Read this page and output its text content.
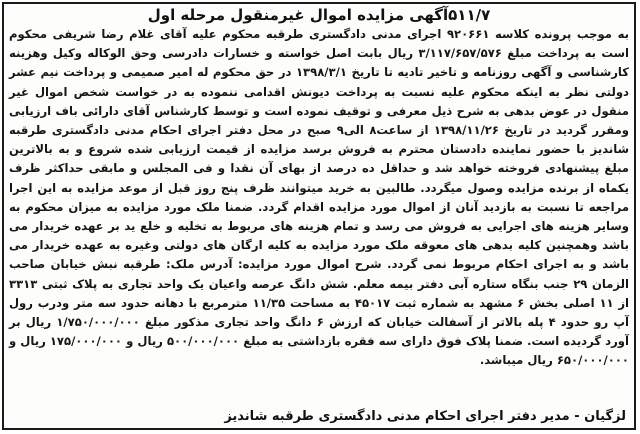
۵۱۱/۷آگهی مزایده اموال غیرمنقول مرحله اول

به موجب پرونده کلاسه ۹۲۰۶۶۱ اجرای مدنی دادگستری طرقبه محکوم علیه آقای غلام رضا شریفی محکوم است به پرداخت مبلغ ۳/۱۱۷/۶۵۷/۵۷۶ ریال بابت اصل خواسته و خسارات دادرسی وحق الوکاله وکیل وهزینه کارشناسی و آگهی روزنامه و تاخیر تادیه تا تاریخ ۱۳۹۸/۳/۱ در حق محکوم له امیر صمیمی و پرداخت نیم عشر دولتی نظر به اینکه محکوم علیه نسبت به پرداخت دیونش اقدامی ننموده به در خواست شخص اموال غیر منقول در عوض بدهی به شرح ذیل معرفی و توقیف نموده است و توسط کارشناس آقای دارائی باف ارزیابی ومقرر گردید در تاریخ ۱۳۹۸/۱۱/۲۶ از ساعت۸ الی۹ صبح در محل دفتر اجرای احکام مدنی دادگستری طرقبه شاندیز با حضور نماینده دادستان محترم به فروش برسد مزایده از قیمت ارزیابی شده شروع و به بالاترین مبلغ پیشنهادی فروخته خواهد شد و حداقل ده درصد از بهای آن نقدا و فی المجلس و مابقی حداکثر ظرف یکماه از برنده مزایده وصول میگردد. طالبین به خرید میتوانند ظرف پنج روز قبل از موعد مزایده به این اجرا مراجعه تا نسبت به بازدید آنان از اموال مورد مزایده اقدام گردد. ضمنا ملک مورد مزایده به میزان محکوم به وسایر هزینه های اجرایی به فروش می رسد و تمام هزینه های مربوط به تخلیه و خلع ید بر عهده خریدار می باشد وهمچنین کلیه بدهی های معوقه ملک مورد مزایده به کلیه ارگان های دولتی وغیره به عهده خریدار می باشد و به اجرای احکام مربوط نمی گردد. شرح اموال مورد مزایده: آدرس ملک: طرقبه نبش خیابان صاحب الزمان ۲۹ جنب بنگاه ستاره آبی دفتر بیمه معلم. شش دانگ عرصه واعیان یک واحد تجاری به پلاک ثبتی ۳۳۱۳ از ۱۱ اصلی بخش ۶ مشهد به شماره ثبت ۴۵۰۱۷ به مساحت ۱۱/۳۵ مترمربع با دهانه حدود سه متر ودرب رول آپ رو حدود ۴ پله بالاتر از آسفالت خیابان که ارزش ۶ دانگ واحد تجاری مذکور مبلغ ۱/۷۵۰/۰۰۰/۰۰۰ ریال بر آورد گردیده است. ضمنا پلاک فوق دارای سه فقره بازداشتی به مبلغ ۵۰۰/۰۰۰/۰۰۰ ریال و ۱۷۵/۰۰۰/۰۰۰ ریال و ۶۵۰/۰۰۰/۰۰۰ ریال میباشد.

لزگیان - مدیر دفتر اجرای احکام مدنی دادگستری طرقبه شاندیز
